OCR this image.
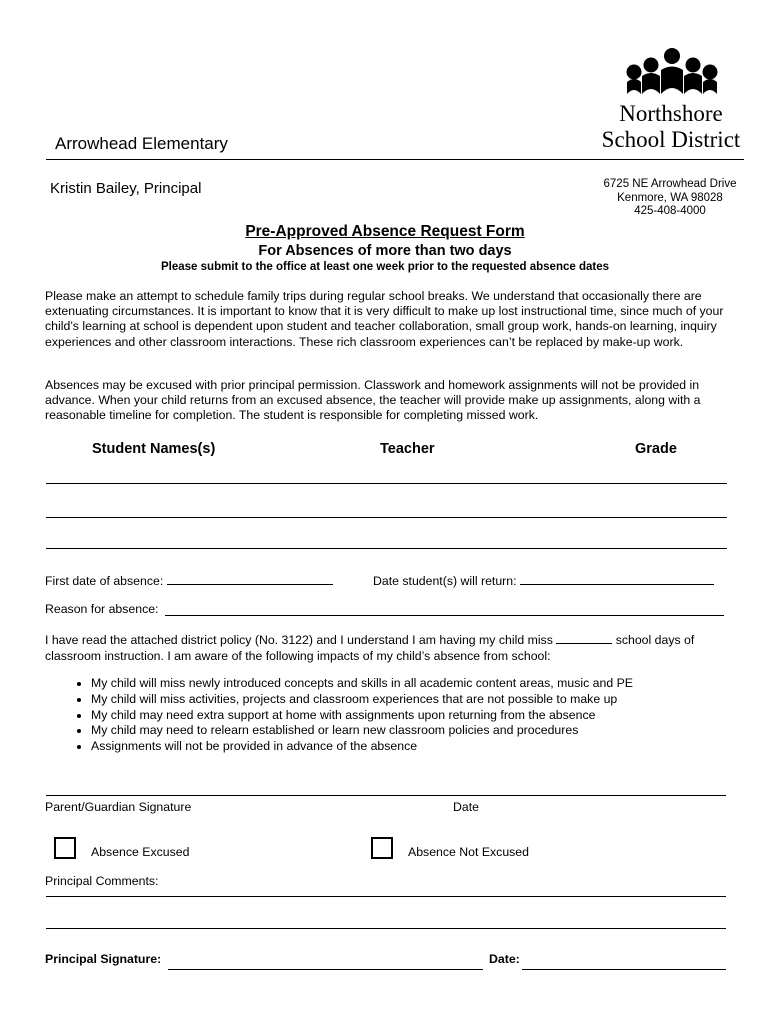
Northshore
School District
Arrowhead Elementary
Kristin Bailey, Principal	6725 NE Arrowhead Drive
Kenmore, WA 98028
425-408-4000
Pre-Approved Absence Request Form
For Absences of more than two days
Please submit to the office at least one week prior to the requested absence dates
Please make an attempt to schedule family trips during regular school breaks. We understand that occasionally there are extenuating circumstances. It is important to know that it is very difficult to make up lost instructional time, since much of your child’s learning at school is dependent upon student and teacher collaboration, small group work, hands-on learning, inquiry experiences and other classroom interactions. These rich classroom experiences can’t be replaced by make-up work.
Absences may be excused with prior principal permission. Classwork and homework assignments will not be provided in advance. When your child returns from an excused absence, the teacher will provide make up assignments, along with a reasonable timeline for completion. The student is responsible for completing missed work.
Student Names(s)	Teacher	Grade
First date of absence:	Date student(s) will return:
Reason for absence:
I have read the attached district policy (No. 3122) and I understand I am having my child miss	school days of
classroom instruction. I am aware of the following impacts of my child’s absence from school:
• My child will miss newly introduced concepts and skills in all academic content areas, music and PE
• My child will miss activities, projects and classroom experiences that are not possible to make up
• My child may need extra support at home with assignments upon returning from the absence
• My child may need to relearn established or learn new classroom policies and procedures
• Assignments will not be provided in advance of the absence
Parent/Guardian Signature	Date
Absence Excused	Absence Not Excused
Principal Comments:
Principal Signature:	Date:
